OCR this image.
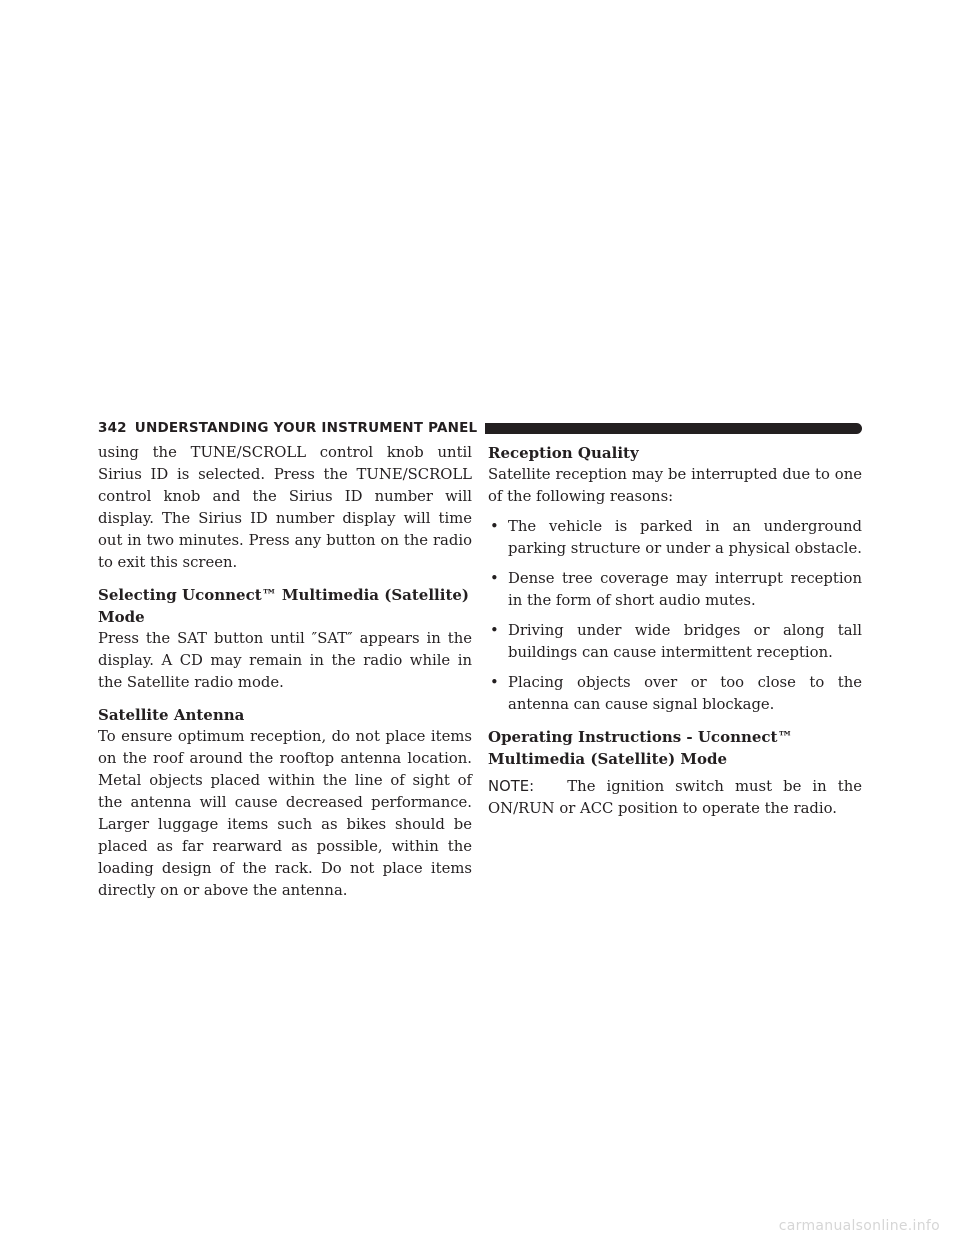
342 UNDERSTANDING YOUR INSTRUMENT PANEL

using the TUNE/SCROLL control knob until Sirius ID is selected. Press the TUNE/SCROLL control knob and the Sirius ID number will display. The Sirius ID number display will time out in two minutes. Press any button on the radio to exit this screen.

Selecting Uconnect™ Multimedia (Satellite) Mode

Press the SAT button until ″SAT″ appears in the display. A CD may remain in the radio while in the Satellite radio mode.

Satellite Antenna

To ensure optimum reception, do not place items on the roof around the rooftop antenna location. Metal objects placed within the line of sight of the antenna will cause decreased performance. Larger luggage items such as bikes should be placed as far rearward as possible, within the loading design of the rack. Do not place items directly on or above the antenna.

Reception Quality

Satellite reception may be interrupted due to one of the following reasons:

• The vehicle is parked in an underground parking structure or under a physical obstacle.
• Dense tree coverage may interrupt reception in the form of short audio mutes.
• Driving under wide bridges or along tall buildings can cause intermittent reception.
• Placing objects over or too close to the antenna can cause signal blockage.
Operating Instructions - Uconnect™ Multimedia (Satellite) Mode

NOTE: The ignition switch must be in the ON/RUN or ACC position to operate the radio.

carmanualsonline.info
